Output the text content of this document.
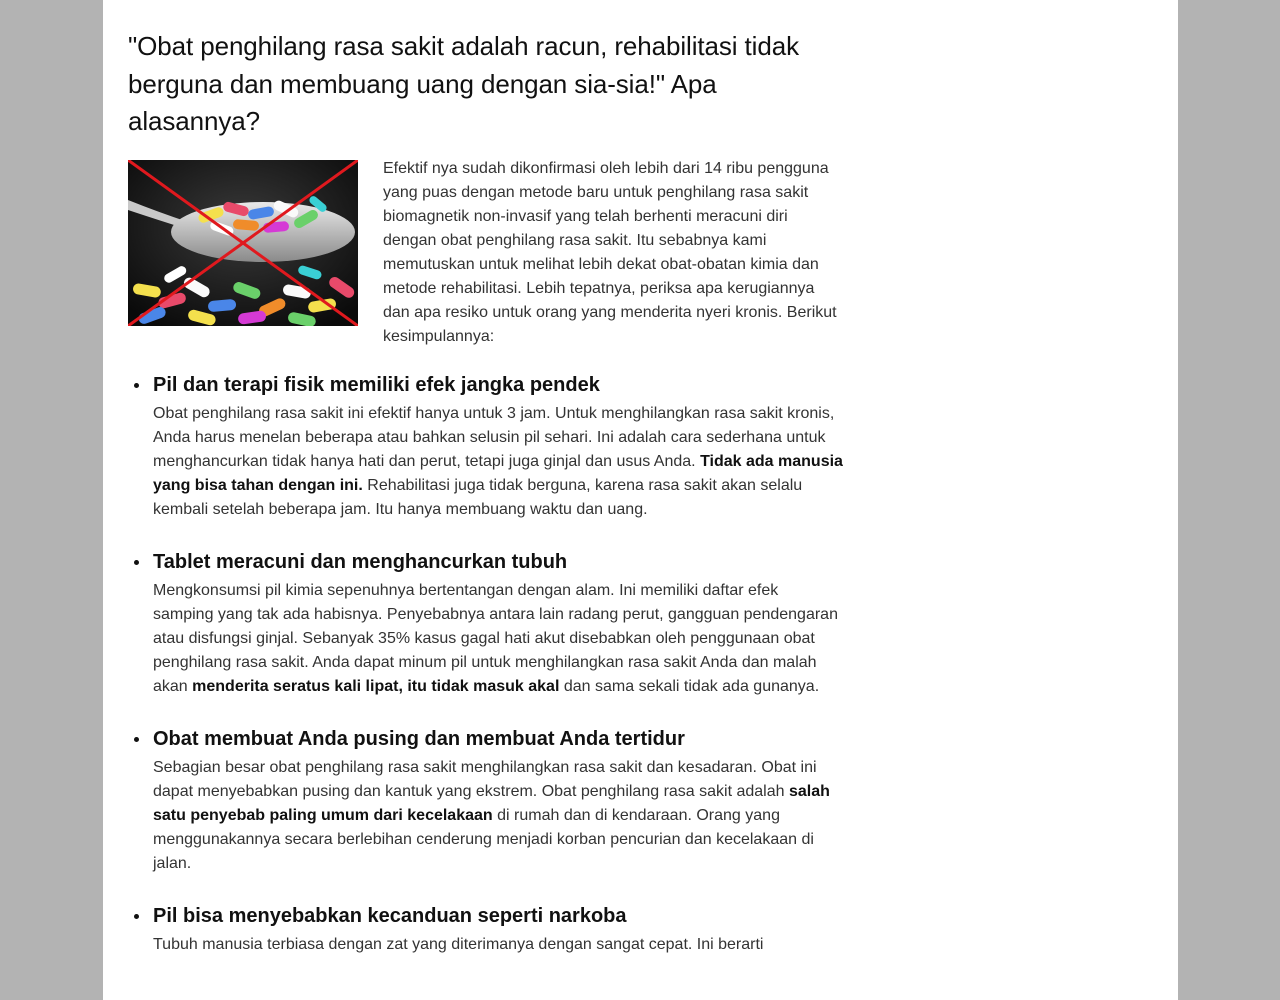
"Obat penghilang rasa sakit adalah racun, rehabilitasi tidak berguna dan membuang uang dengan sia-sia!" Apa alasannya?

Efektif nya sudah dikonfirmasi oleh lebih dari 14 ribu pengguna yang puas dengan metode baru untuk penghilang rasa sakit biomagnetik non-invasif yang telah berhenti meracuni diri dengan obat penghilang rasa sakit. Itu sebabnya kami memutuskan untuk melihat lebih dekat obat-obatan kimia dan metode rehabilitasi. Lebih tepatnya, periksa apa kerugiannya dan apa resiko untuk orang yang menderita nyeri kronis. Berikut kesimpulannya:

Pil dan terapi fisik memiliki efek jangka pendek

Obat penghilang rasa sakit ini efektif hanya untuk 3 jam. Untuk menghilangkan rasa sakit kronis, Anda harus menelan beberapa atau bahkan selusin pil sehari. Ini adalah cara sederhana untuk menghancurkan tidak hanya hati dan perut, tetapi juga ginjal dan usus Anda. Tidak ada manusia yang bisa tahan dengan ini. Rehabilitasi juga tidak berguna, karena rasa sakit akan selalu kembali setelah beberapa jam. Itu hanya membuang waktu dan uang.

Tablet meracuni dan menghancurkan tubuh

Mengkonsumsi pil kimia sepenuhnya bertentangan dengan alam. Ini memiliki daftar efek samping yang tak ada habisnya. Penyebabnya antara lain radang perut, gangguan pendengaran atau disfungsi ginjal. Sebanyak 35% kasus gagal hati akut disebabkan oleh penggunaan obat penghilang rasa sakit. Anda dapat minum pil untuk menghilangkan rasa sakit Anda dan malah akan menderita seratus kali lipat, itu tidak masuk akal dan sama sekali tidak ada gunanya.

Obat membuat Anda pusing dan membuat Anda tertidur

Sebagian besar obat penghilang rasa sakit menghilangkan rasa sakit dan kesadaran. Obat ini dapat menyebabkan pusing dan kantuk yang ekstrem. Obat penghilang rasa sakit adalah salah satu penyebab paling umum dari kecelakaan di rumah dan di kendaraan. Orang yang menggunakannya secara berlebihan cenderung menjadi korban pencurian dan kecelakaan di jalan.

Pil bisa menyebabkan kecanduan seperti narkoba

Tubuh manusia terbiasa dengan zat yang diterimanya dengan sangat cepat. Ini berarti
